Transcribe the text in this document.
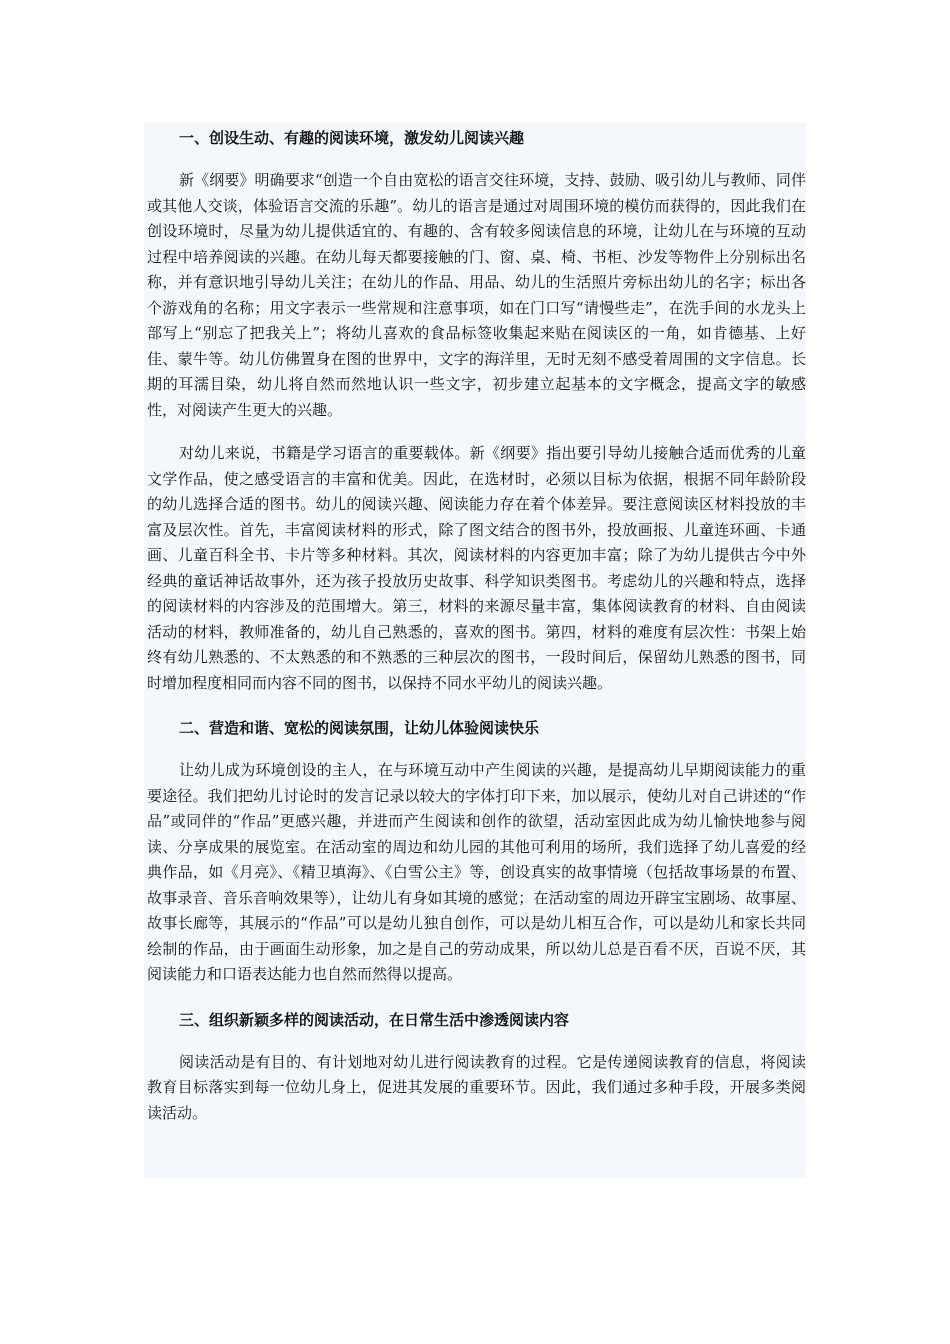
一、创设生动、有趣的阅读环境，激发幼儿阅读兴趣

新《纲要》明确要求“创造一个自由宽松的语言交往环境，支持、鼓励、吸引幼儿与教师、同伴或其他人交谈，体验语言交流的乐趣”。幼儿的语言是通过对周围环境的模仿而获得的，因此我们在创设环境时，尽量为幼儿提供适宜的、有趣的、含有较多阅读信息的环境，让幼儿在与环境的互动过程中培养阅读的兴趣。在幼儿每天都要接触的门、窗、桌、椅、书柜、沙发等物件上分别标出名称，并有意识地引导幼儿关注；在幼儿的作品、用品、幼儿的生活照片旁标出幼儿的名字；标出各个游戏角的名称；用文字表示一些常规和注意事项，如在门口写“请慢些走”，在洗手间的水龙头上部写上“别忘了把我关上”；将幼儿喜欢的食品标签收集起来贴在阅读区的一角，如肯德基、上好佳、蒙牛等。幼儿仿佛置身在图的世界中，文字的海洋里，无时无刻不感受着周围的文字信息。长期的耳濡目染，幼儿将自然而然地认识一些文字，初步建立起基本的文字概念，提高文字的敏感性，对阅读产生更大的兴趣。

对幼儿来说，书籍是学习语言的重要载体。新《纲要》指出要引导幼儿接触合适而优秀的儿童文学作品，使之感受语言的丰富和优美。因此，在选材时，必须以目标为依据，根据不同年龄阶段的幼儿选择合适的图书。幼儿的阅读兴趣、阅读能力存在着个体差异。要注意阅读区材料投放的丰富及层次性。首先，丰富阅读材料的形式，除了图文结合的图书外，投放画报、儿童连环画、卡通画、儿童百科全书、卡片等多种材料。其次，阅读材料的内容更加丰富；除了为幼儿提供古今中外经典的童话神话故事外，还为孩子投放历史故事、科学知识类图书。考虑幼儿的兴趣和特点，选择的阅读材料的内容涉及的范围增大。第三，材料的来源尽量丰富，集体阅读教育的材料、自由阅读活动的材料，教师准备的，幼儿自己熟悉的，喜欢的图书。第四，材料的难度有层次性：书架上始终有幼儿熟悉的、不太熟悉的和不熟悉的三种层次的图书，一段时间后，保留幼儿熟悉的图书，同时增加程度相同而内容不同的图书，以保持不同水平幼儿的阅读兴趣。

二、营造和谐、宽松的阅读氛围，让幼儿体验阅读快乐

让幼儿成为环境创设的主人，在与环境互动中产生阅读的兴趣，是提高幼儿早期阅读能力的重要途径。我们把幼儿讨论时的发言记录以较大的字体打印下来，加以展示，使幼儿对自己讲述的“作品”或同伴的“作品”更感兴趣，并进而产生阅读和创作的欲望，活动室因此成为幼儿愉快地参与阅读、分享成果的展览室。在活动室的周边和幼儿园的其他可利用的场所，我们选择了幼儿喜爱的经典作品，如《月亮》、《精卫填海》、《白雪公主》等，创设真实的故事情境（包括故事场景的布置、故事录音、音乐音响效果等），让幼儿有身如其境的感觉；在活动室的周边开辟宝宝剧场、故事屋、故事长廊等，其展示的“作品”可以是幼儿独自创作，可以是幼儿相互合作，可以是幼儿和家长共同绘制的作品，由于画面生动形象，加之是自己的劳动成果，所以幼儿总是百看不厌，百说不厌，其阅读能力和口语表达能力也自然而然得以提高。

三、组织新颖多样的阅读活动，在日常生活中渗透阅读内容

阅读活动是有目的、有计划地对幼儿进行阅读教育的过程。它是传递阅读教育的信息，将阅读教育目标落实到每一位幼儿身上，促进其发展的重要环节。因此，我们通过多种手段，开展多类阅读活动。
